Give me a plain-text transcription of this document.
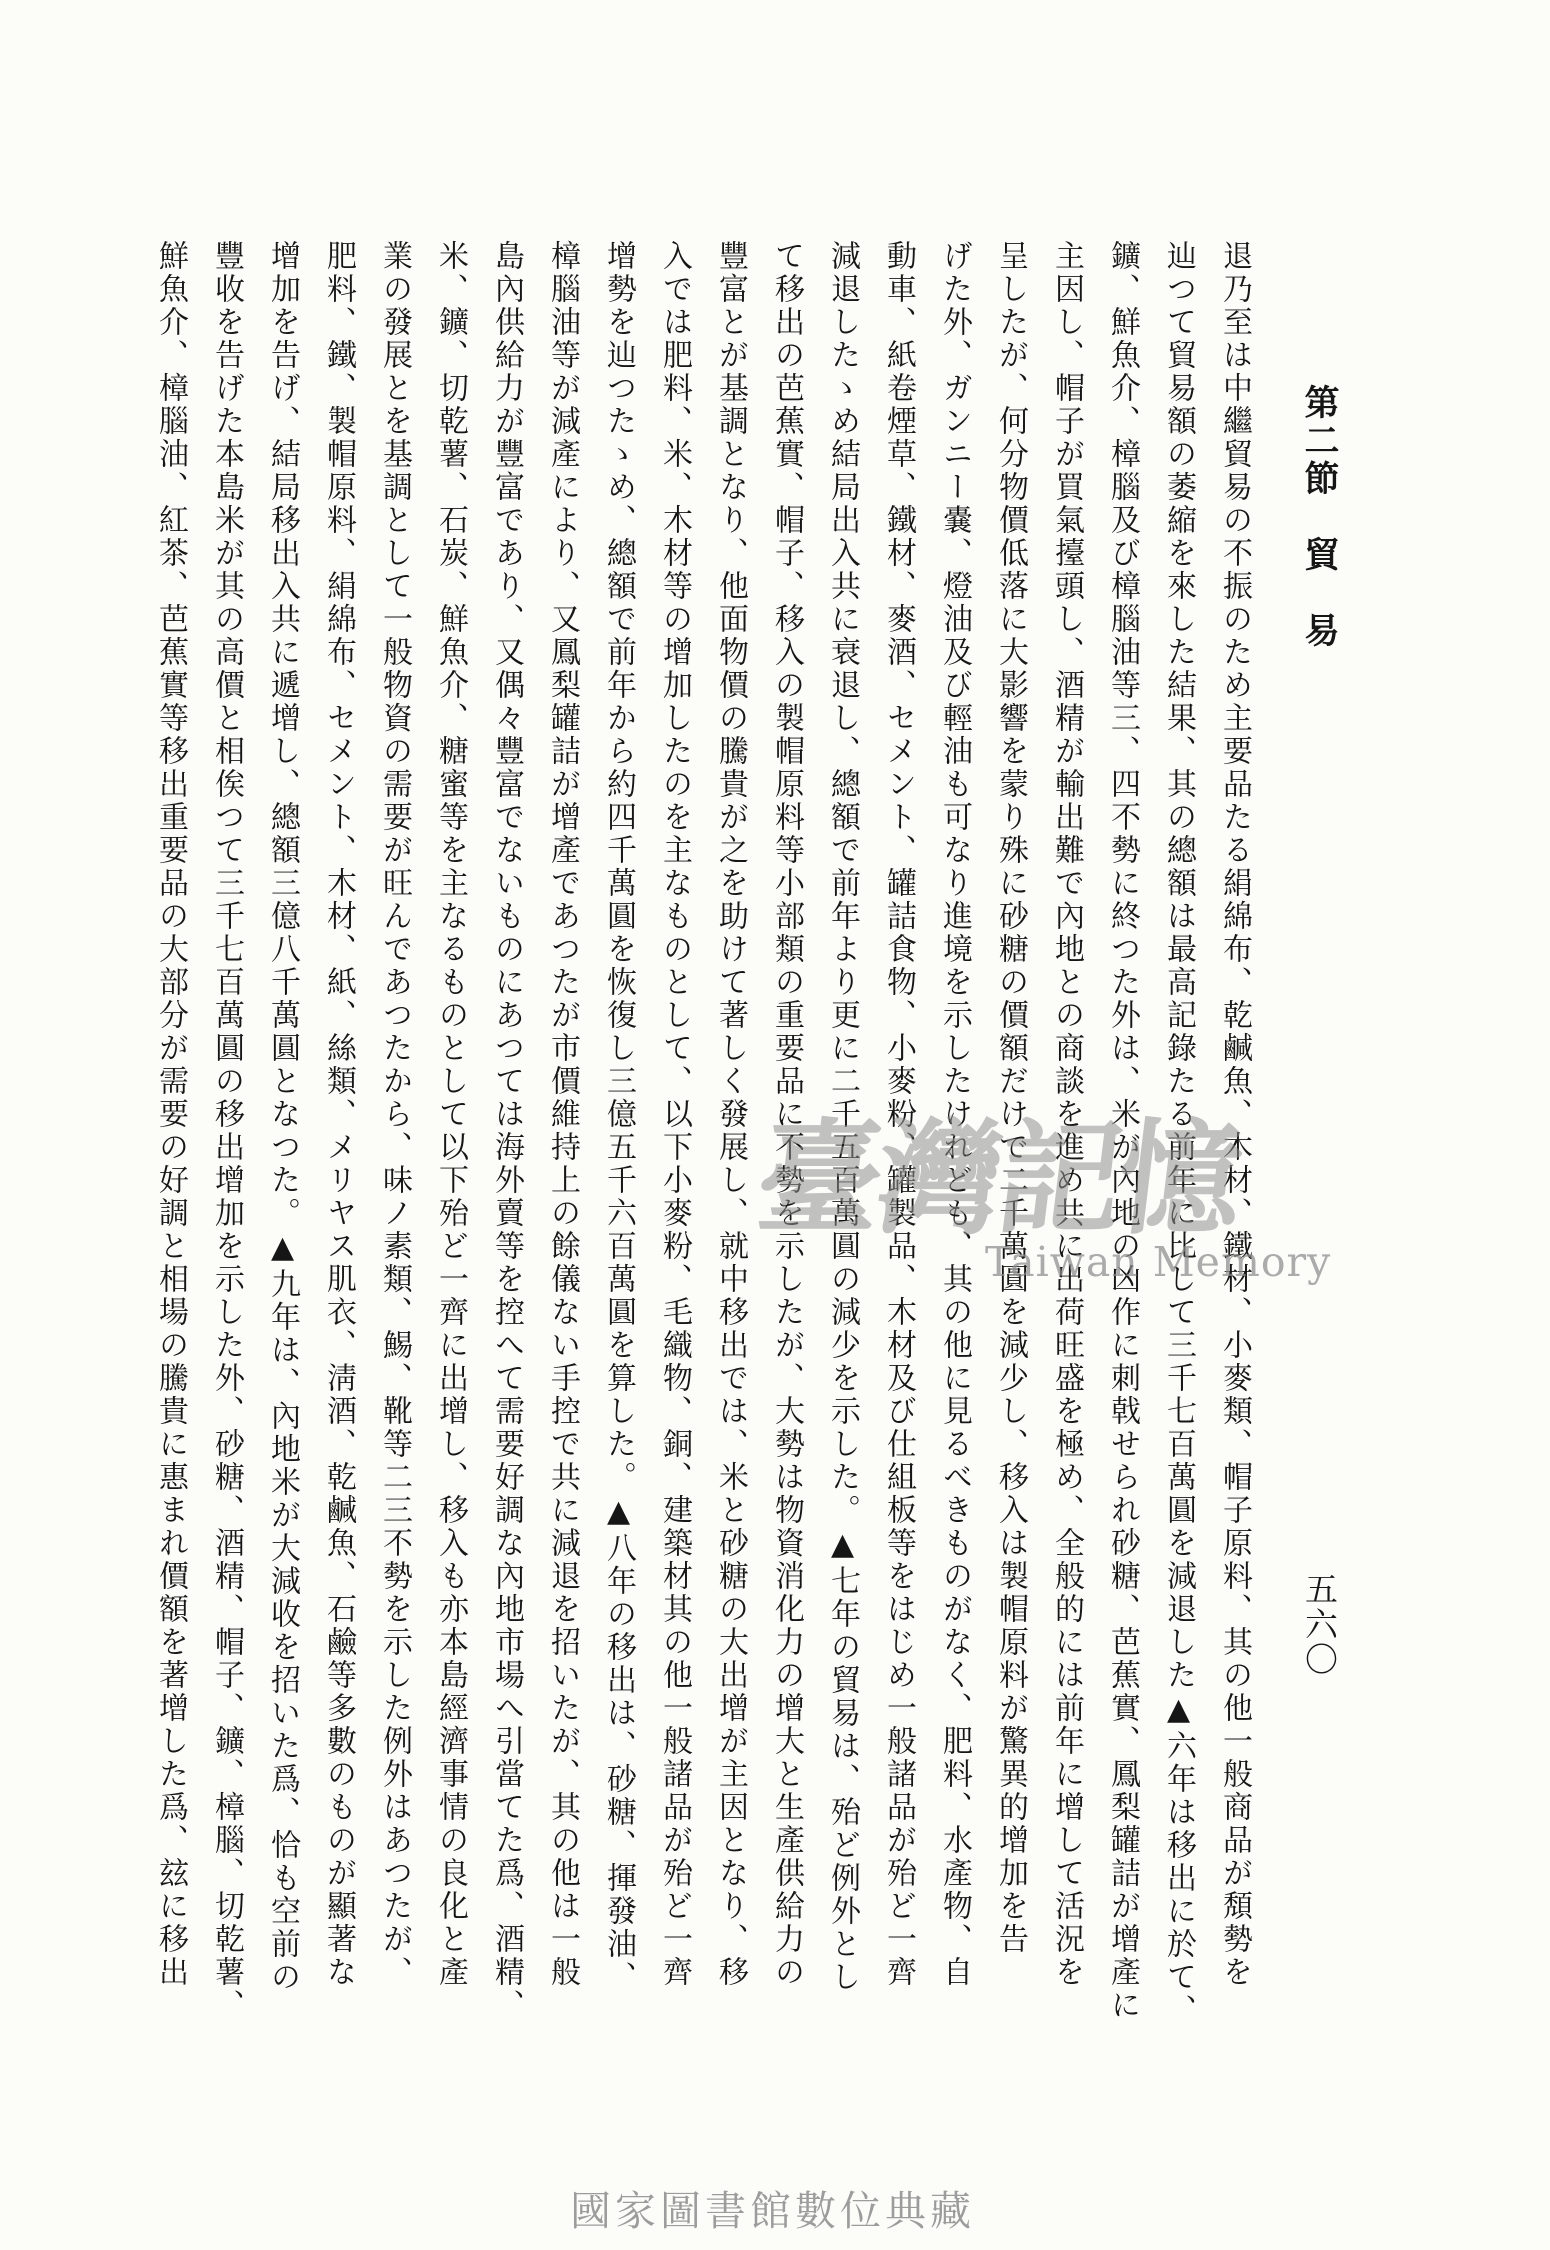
第二節　貿　易
五六〇
退乃至は中繼貿易の不振のため主要品たる絹綿布、乾鹹魚、木材、鐵材、小麥類、帽子原料、其の他一般商品が頽勢を
辿つて貿易額の萎縮を來した結果、其の總額は最高記錄たる前年に比して三千七百萬圓を減退した▲六年は移出に於て、
鑛、鮮魚介、樟腦及び樟腦油等三、四不勢に終つた外は、米が內地の凶作に刺戟せられ砂糖、芭蕉實、鳳梨罐詰が增產に
主因し、帽子が買氣擡頭し、酒精が輸出難で內地との商談を進め共に出荷旺盛を極め、全般的には前年に增して活況を
呈したが、何分物價低落に大影響を蒙り殊に砂糖の價額だけで二千萬圓を減少し、移入は製帽原料が驚異的增加を告
げた外、ガンニー嚢、燈油及び輕油も可なり進境を示したけれども、其の他に見るべきものがなく、肥料、水產物、自
動車、紙卷煙草、鐵材、麥酒、セメント、罐詰食物、小麥粉、罐製品、木材及び仕組板等をはじめ一般諸品が殆ど一齊
減退したゝめ結局出入共に衰退し、總額で前年より更に二千五百萬圓の減少を示した。▲七年の貿易は、殆ど例外とし
て移出の芭蕉實、帽子、移入の製帽原料等小部類の重要品に不勢を示したが、大勢は物資消化力の增大と生產供給力の
豐富とが基調となり、他面物價の騰貴が之を助けて著しく發展し、就中移出では、米と砂糖の大出增が主因となり、移
入では肥料、米、木材等の增加したのを主なものとして、以下小麥粉、毛織物、銅、建築材其の他一般諸品が殆ど一齊
增勢を辿つたゝめ、總額で前年から約四千萬圓を恢復し三億五千六百萬圓を算した。▲八年の移出は、砂糖、揮發油、
樟腦油等が減產により、又鳳梨罐詰が增產であつたが市價維持上の餘儀ない手控で共に減退を招いたが、其の他は一般
島內供給力が豐富であり、又偶々豐富でないものにあつては海外賣等を控へて需要好調な內地市場へ引當てた爲、酒精、
米、鑛、切乾薯、石炭、鮮魚介、糖蜜等を主なるものとして以下殆ど一齊に出增し、移入も亦本島經濟事情の良化と產
業の發展とを基調として一般物資の需要が旺んであつたから、味ノ素類、鯣、靴等二三不勢を示した例外はあつたが、
肥料、鐵、製帽原料、絹綿布、セメント、木材、紙、絲類、メリヤス肌衣、淸酒、乾鹹魚、石鹼等多數のものが顯著な
增加を告げ、結局移出入共に遞增し、總額三億八千萬圓となつた。▲九年は、內地米が大減收を招いた爲、恰も空前の
豐收を告げた本島米が其の高價と相俟つて三千七百萬圓の移出增加を示した外、砂糖、酒精、帽子、鑛、樟腦、切乾薯、
鮮魚介、樟腦油、紅茶、芭蕉實等移出重要品の大部分が需要の好調と相場の騰貴に惠まれ價額を著增した爲、玆に移出	臺灣記憶
Taiwan Memory
國家圖書館數位典藏
